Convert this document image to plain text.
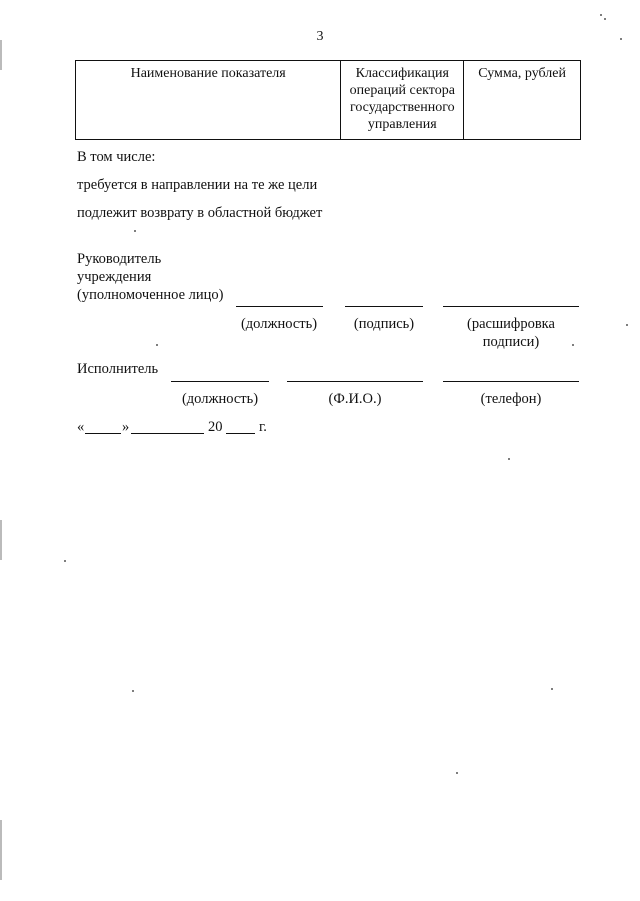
3
Наименование показателя	Классификация операций сектора государственного управления	Сумма, рублей
В том числе:
требуется в направлении на те же цели
подлежит возврату в областной бюджет
Руководитель
учреждения
(уполномоченное лицо)
(должность)	(подпись)	(расшифровка подписи)
Исполнитель
(должность)	(Ф.И.О.)	(телефон)
«	»	20	г.
